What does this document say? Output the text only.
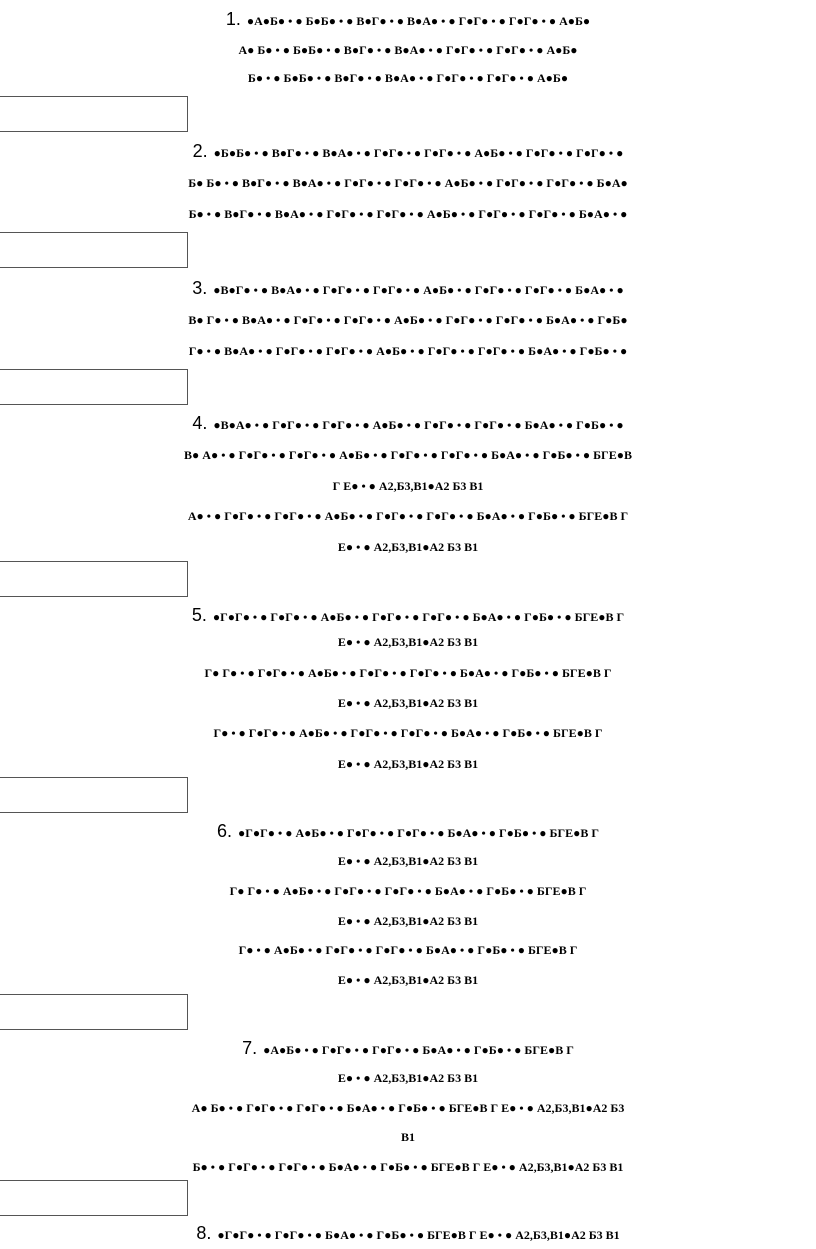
1. ●А●Б● • ● Б●Б● • ● В●Г● • ● В●А● • ● Г●Г● • ● Г●Г● • ● А●Б●
А● Б● • ● Б●Б● • ● В●Г● • ● В●А● • ● Г●Г● • ● Г●Г● • ● А●Б●
Б● • ● Б●Б● • ● В●Г● • ● В●А● • ● Г●Г● • ● Г●Г● • ● А●Б●
2. ●Б●Б● • ● В●Г● • ● В●А● • ● Г●Г● • ● Г●Г● • ● А●Б● • ● Г●Г● • ● Г●Г● • ●
Б● Б● • ● В●Г● • ● В●А● • ● Г●Г● • ● Г●Г● • ● А●Б● • ● Г●Г● • ● Г●Г● • ● Б●А●
Б● • ● В●Г● • ● В●А● • ● Г●Г● • ● Г●Г● • ● А●Б● • ● Г●Г● • ● Г●Г● • ● Б●А● • ●
3. ●В●Г● • ● В●А● • ● Г●Г● • ● Г●Г● • ● А●Б● • ● Г●Г● • ● Г●Г● • ● Б●А● • ●
В● Г● • ● В●А● • ● Г●Г● • ● Г●Г● • ● А●Б● • ● Г●Г● • ● Г●Г● • ● Б●А● • ● Г●Б●
Г● • ● В●А● • ● Г●Г● • ● Г●Г● • ● А●Б● • ● Г●Г● • ● Г●Г● • ● Б●А● • ● Г●Б● • ●
4. ●В●А● • ● Г●Г● • ● Г●Г● • ● А●Б● • ● Г●Г● • ● Г●Г● • ● Б●А● • ● Г●Б● • ●
В● А● • ● Г●Г● • ● Г●Г● • ● А●Б● • ● Г●Г● • ● Г●Г● • ● Б●А● • ● Г●Б● • ● БГЕ●В
Г Е● • ● А2,Б3,В1●А2 Б3 В1
А● • ● Г●Г● • ● Г●Г● • ● А●Б● • ● Г●Г● • ● Г●Г● • ● Б●А● • ● Г●Б● • ● БГЕ●В Г
Е● • ● А2,Б3,В1●А2 Б3 В1
5. ●Г●Г● • ● Г●Г● • ● А●Б● • ● Г●Г● • ● Г●Г● • ● Б●А● • ● Г●Б● • ● БГЕ●В Г
Е● • ● А2,Б3,В1●А2 Б3 В1
Г● Г● • ● Г●Г● • ● А●Б● • ● Г●Г● • ● Г●Г● • ● Б●А● • ● Г●Б● • ● БГЕ●В Г
Е● • ● А2,Б3,В1●А2 Б3 В1
Г● • ● Г●Г● • ● А●Б● • ● Г●Г● • ● Г●Г● • ● Б●А● • ● Г●Б● • ● БГЕ●В Г
Е● • ● А2,Б3,В1●А2 Б3 В1
6. ●Г●Г● • ● А●Б● • ● Г●Г● • ● Г●Г● • ● Б●А● • ● Г●Б● • ● БГЕ●В Г
Е● • ● А2,Б3,В1●А2 Б3 В1
Г● Г● • ● А●Б● • ● Г●Г● • ● Г●Г● • ● Б●А● • ● Г●Б● • ● БГЕ●В Г
Е● • ● А2,Б3,В1●А2 Б3 В1
Г● • ● А●Б● • ● Г●Г● • ● Г●Г● • ● Б●А● • ● Г●Б● • ● БГЕ●В Г
Е● • ● А2,Б3,В1●А2 Б3 В1
7. ●А●Б● • ● Г●Г● • ● Г●Г● • ● Б●А● • ● Г●Б● • ● БГЕ●В Г
Е● • ● А2,Б3,В1●А2 Б3 В1
А● Б● • ● Г●Г● • ● Г●Г● • ● Б●А● • ● Г●Б● • ● БГЕ●В Г Е● • ● А2,Б3,В1●А2 Б3
В1
Б● • ● Г●Г● • ● Г●Г● • ● Б●А● • ● Г●Б● • ● БГЕ●В Г Е● • ● А2,Б3,В1●А2 Б3 В1
8. ●Г●Г● • ● Г●Г● • ● Б●А● • ● Г●Б● • ● БГЕ●В Г Е● • ● А2,Б3,В1●А2 Б3 В1
